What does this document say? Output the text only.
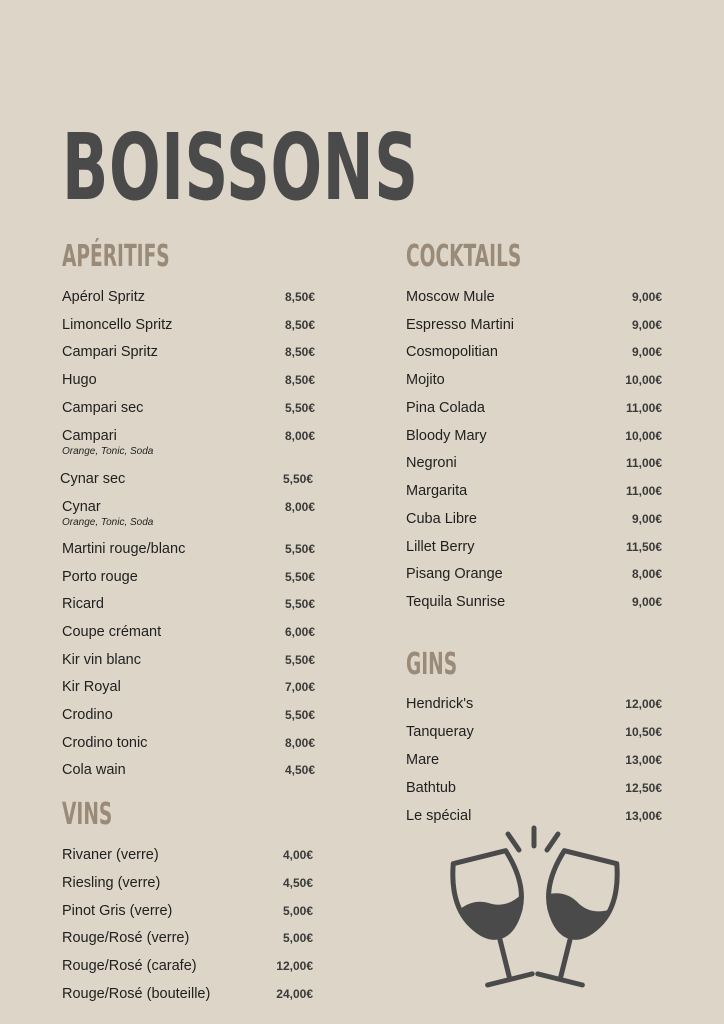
BOISSONS
APÉRITIFS
Apérol Spritz	8,50€
Limoncello Spritz	8,50€
Campari Spritz	8,50€
Hugo	8,50€
Campari sec	5,50€
Campari	8,00€
Orange, Tonic, Soda
Cynar sec	5,50€
Cynar	8,00€
Orange, Tonic, Soda
Martini rouge/blanc	5,50€
Porto rouge	5,50€
Ricard	5,50€
Coupe crémant	6,00€
Kir vin blanc	5,50€
Kir Royal	7,00€
Crodino	5,50€
Crodino tonic	8,00€
Cola wain	4,50€
VINS
Rivaner (verre)	4,00€
Riesling (verre)	4,50€
Pinot Gris (verre)	5,00€
Rouge/Rosé (verre)	5,00€
Rouge/Rosé (carafe)	12,00€
Rouge/Rosé (bouteille)	24,00€
COCKTAILS
Moscow Mule	9,00€
Espresso Martini	9,00€
Cosmopolitian	9,00€
Mojito	10,00€
Pina Colada	11,00€
Bloody Mary	10,00€
Negroni	11,00€
Margarita	11,00€
Cuba Libre	9,00€
Lillet Berry	11,50€
Pisang Orange	8,00€
Tequila Sunrise	9,00€
GINS
Hendrick's	12,00€
Tanqueray	10,50€
Mare	13,00€
Bathtub	12,50€
Le spécial	13,00€
